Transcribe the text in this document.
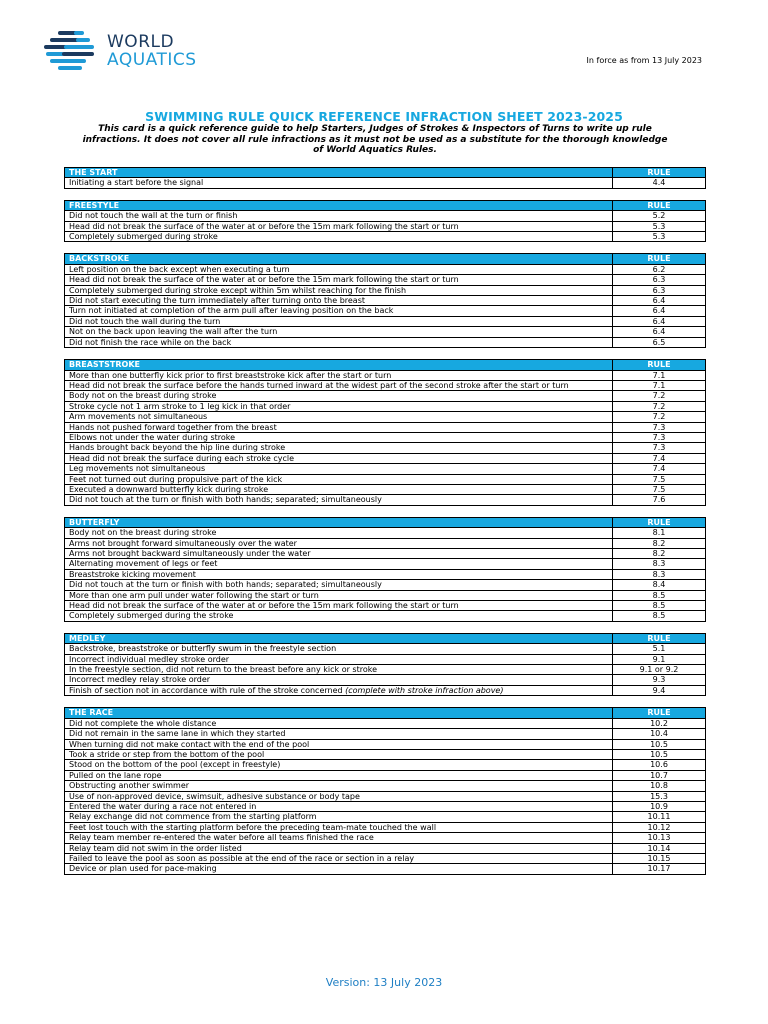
WORLD
AQUATICS	In force as from 13 July 2023
SWIMMING RULE QUICK REFERENCE INFRACTION SHEET 2023-2025
This card is a quick reference guide to help Starters, Judges of Strokes & Inspectors of Turns to write up rule infractions. It does not cover all rule infractions as it must not be used as a substitute for the thorough knowledge of World Aquatics Rules.
THE START	RULE
Initiating a start before the signal	4.4
FREESTYLE	RULE
Did not touch the wall at the turn or finish	5.2
Head did not break the surface of the water at or before the 15m mark following the start or turn	5.3
Completely submerged during stroke	5.3
BACKSTROKE	RULE
Left position on the back except when executing a turn	6.2
Head did not break the surface of the water at or before the 15m mark following the start or turn	6.3
Completely submerged during stroke except within 5m whilst reaching for the finish	6.3
Did not start executing the turn immediately after turning onto the breast	6.4
Turn not initiated at completion of the arm pull after leaving position on the back	6.4
Did not touch the wall during the turn	6.4
Not on the back upon leaving the wall after the turn	6.4
Did not finish the race while on the back	6.5
BREASTSTROKE	RULE
More than one butterfly kick prior to first breaststroke kick after the start or turn	7.1
Head did not break the surface before the hands turned inward at the widest part of the second stroke after the start or turn	7.1
Body not on the breast during stroke	7.2
Stroke cycle not 1 arm stroke to 1 leg kick in that order	7.2
Arm movements not simultaneous	7.2
Hands not pushed forward together from the breast	7.3
Elbows not under the water during stroke	7.3
Hands brought back beyond the hip line during stroke	7.3
Head did not break the surface during each stroke cycle	7.4
Leg movements not simultaneous	7.4
Feet not turned out during propulsive part of the kick	7.5
Executed a downward butterfly kick during stroke	7.5
Did not touch at the turn or finish with both hands; separated; simultaneously	7.6
BUTTERFLY	RULE
Body not on the breast during stroke	8.1
Arms not brought forward simultaneously over the water	8.2
Arms not brought backward simultaneously under the water	8.2
Alternating movement of legs or feet	8.3
Breaststroke kicking movement	8.3
Did not touch at the turn or finish with both hands; separated; simultaneously	8.4
More than one arm pull under water following the start or turn	8.5
Head did not break the surface of the water at or before the 15m mark following the start or turn	8.5
Completely submerged during the stroke	8.5
MEDLEY	RULE
Backstroke, breaststroke or butterfly swum in the freestyle section	5.1
Incorrect individual medley stroke order	9.1
In the freestyle section, did not return to the breast before any kick or stroke	9.1 or 9.2
Incorrect medley relay stroke order	9.3
Finish of section not in accordance with rule of the stroke concerned (complete with stroke infraction above)	9.4
THE RACE	RULE
Did not complete the whole distance	10.2
Did not remain in the same lane in which they started	10.4
When turning did not make contact with the end of the pool	10.5
Took a stride or step from the bottom of the pool	10.5
Stood on the bottom of the pool (except in freestyle)	10.6
Pulled on the lane rope	10.7
Obstructing another swimmer	10.8
Use of non-approved device, swimsuit, adhesive substance or body tape	15.3
Entered the water during a race not entered in	10.9
Relay exchange did not commence from the starting platform	10.11
Feet lost touch with the starting platform before the preceding team-mate touched the wall	10.12
Relay team member re-entered the water before all teams finished the race	10.13
Relay team did not swim in the order listed	10.14
Failed to leave the pool as soon as possible at the end of the race or section in a relay	10.15
Device or plan used for pace-making	10.17
Version: 13 July 2023
